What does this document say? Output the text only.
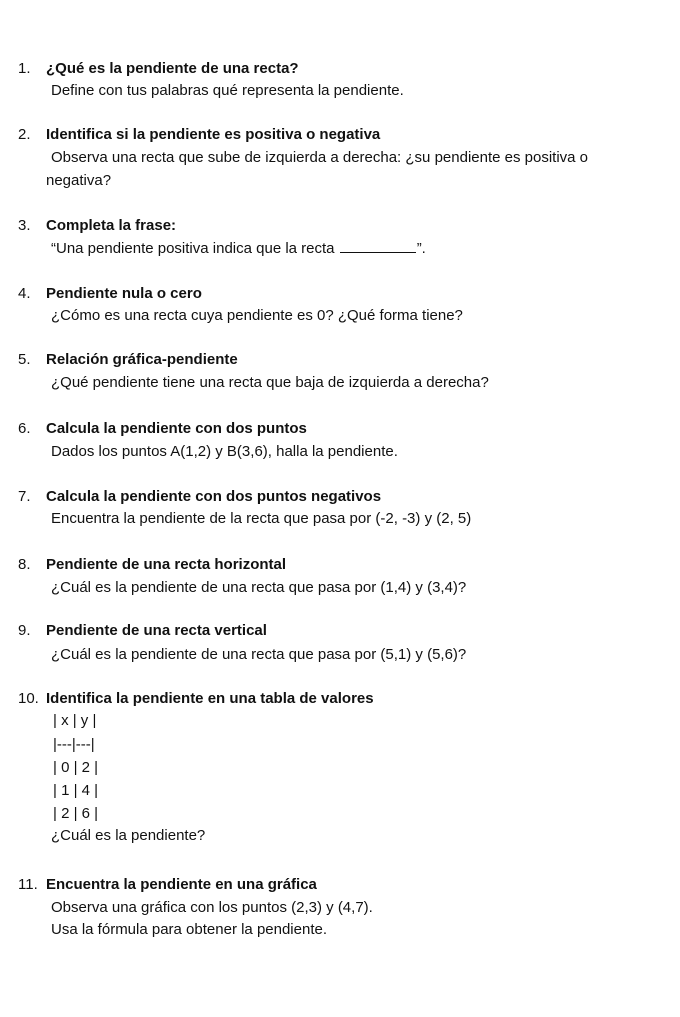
1. ¿Qué es la pendiente de una recta?
Define con tus palabras qué representa la pendiente.
2. Identifica si la pendiente es positiva o negativa
Observa una recta que sube de izquierda a derecha: ¿su pendiente es positiva o
negativa?
3. Completa la frase:
“Una pendiente positiva indica que la recta	”.
4. Pendiente nula o cero
¿Cómo es una recta cuya pendiente es 0? ¿Qué forma tiene?
5. Relación gráfica-pendiente
¿Qué pendiente tiene una recta que baja de izquierda a derecha?
6. Calcula la pendiente con dos puntos
Dados los puntos A(1,2) y B(3,6), halla la pendiente.
7. Calcula la pendiente con dos puntos negativos
Encuentra la pendiente de la recta que pasa por (-2, -3) y (2, 5)
8. Pendiente de una recta horizontal
¿Cuál es la pendiente de una recta que pasa por (1,4) y (3,4)?
9. Pendiente de una recta vertical
¿Cuál es la pendiente de una recta que pasa por (5,1) y (5,6)?
10. Identifica la pendiente en una tabla de valores
| x | y |
|---|---|
| 0 | 2 |
| 1 | 4 |
| 2 | 6 |
¿Cuál es la pendiente?
11. Encuentra la pendiente en una gráfica
Observa una gráfica con los puntos (2,3) y (4,7).
Usa la fórmula para obtener la pendiente.
